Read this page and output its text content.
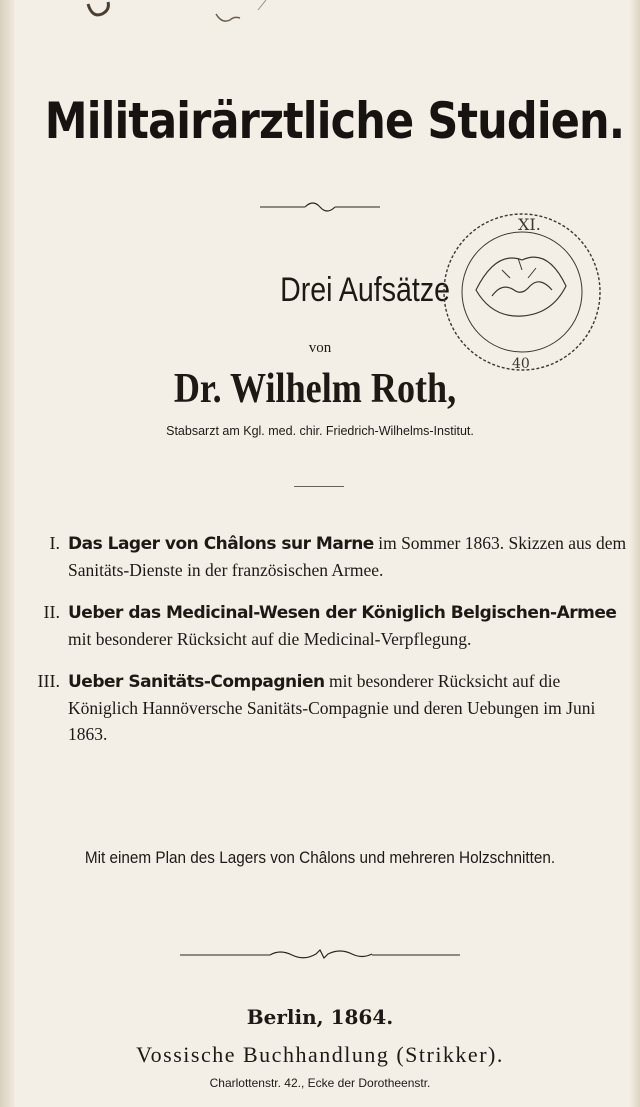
Militairärztliche Studien.
Drei Aufsätze
von
Dr. Wilhelm Roth,
Stabsarzt am Kgl. med. chir. Friedrich-Wilhelms-Institut.
XI.
40
I. Das Lager von Châlons sur Marne im Sommer 1863. Skizzen aus dem Sanitäts-Dienste in der französischen Armee.
II. Ueber das Medicinal-Wesen der Königlich Belgischen-Armee mit besonderer Rücksicht auf die Medicinal-Verpflegung.
III. Ueber Sanitäts-Compagnien mit besonderer Rücksicht auf die Königlich Hannöversche Sanitäts-Compagnie und deren Uebungen im Juni 1863.
Mit einem Plan des Lagers von Châlons und mehreren Holzschnitten.
Berlin, 1864.
Vossische Buchhandlung (Strikker).
Charlottenstr. 42., Ecke der Dorotheenstr.
